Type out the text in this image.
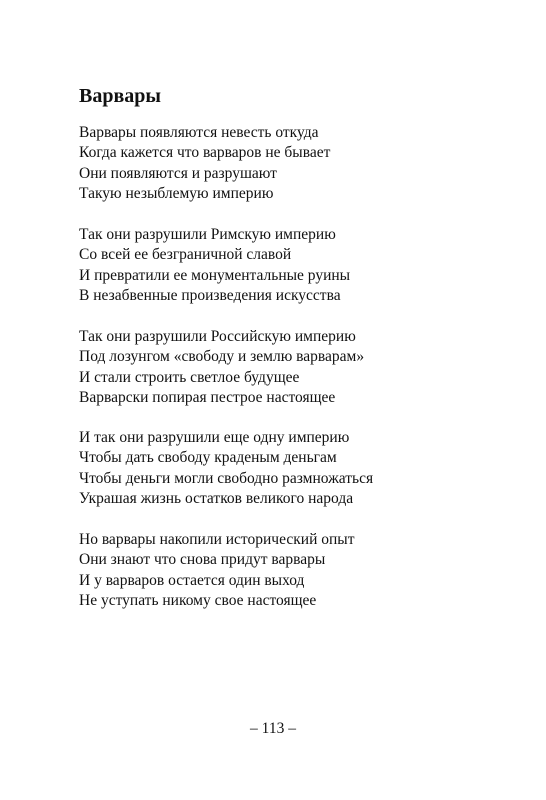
Варвары
Варвары появляются невесть откуда
Когда кажется что варваров не бывает
Они появляются и разрушают
Такую незыблемую империю
Так они разрушили Римскую империю
Со всей ее безграничной славой
И превратили ее монументальные руины
В незабвенные произведения искусства
Так они разрушили Российскую империю
Под лозунгом «свободу и землю варварам»
И стали строить светлое будущее
Варварски попирая пестрое настоящее
И так они разрушили еще одну империю
Чтобы дать свободу краденым деньгам
Чтобы деньги могли свободно размножаться
Украшая жизнь остатков великого народа
Но варвары накопили исторический опыт
Они знают что снова придут варвары
И у варваров остается один выход
Не уступать никому свое настоящее
– 113 –
